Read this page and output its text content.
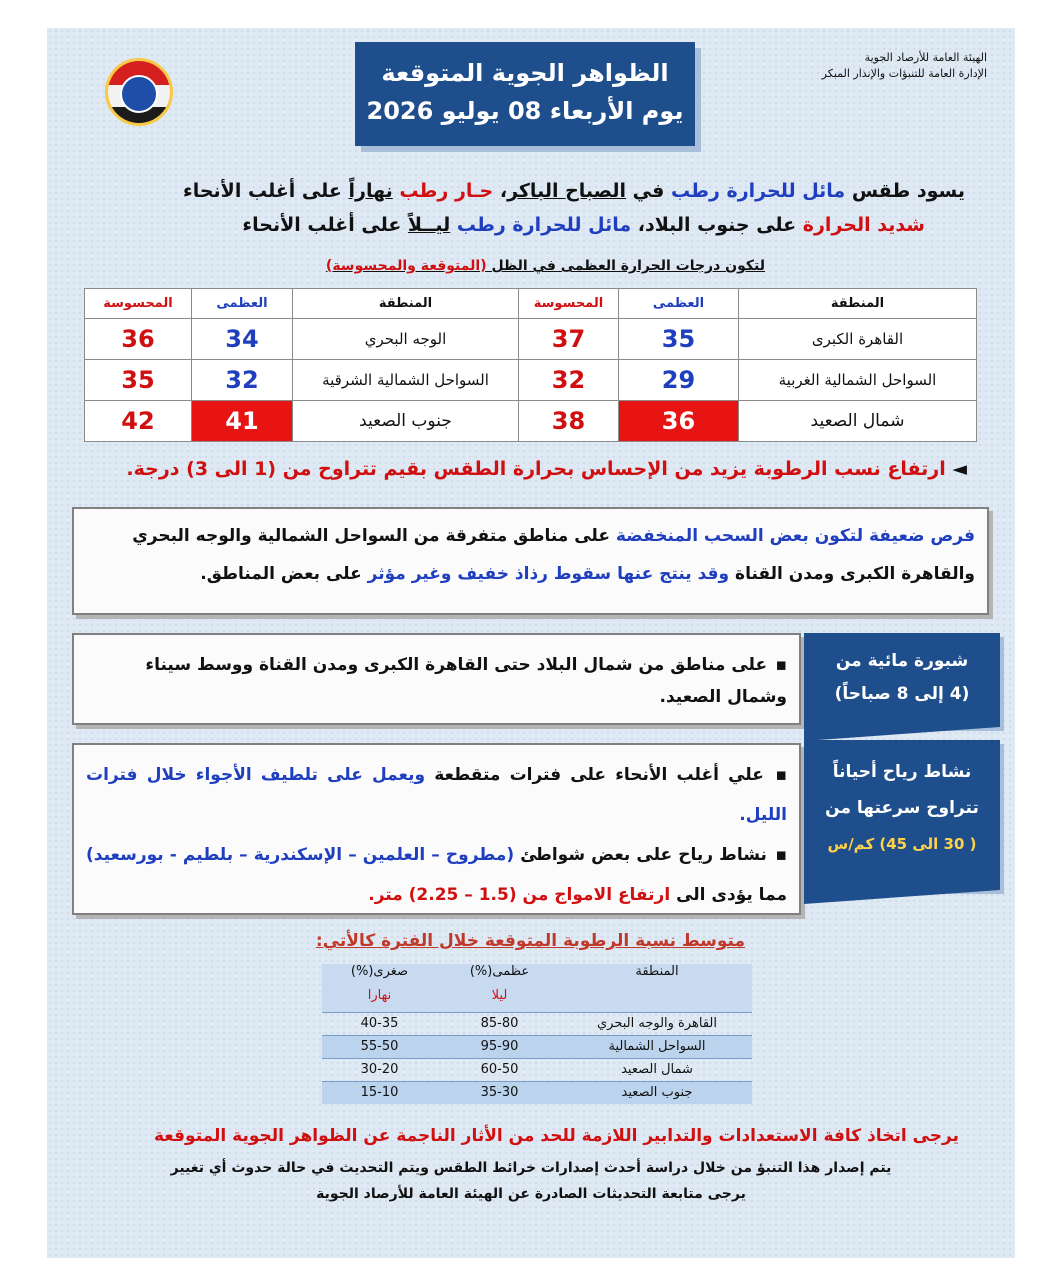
الهيئة العامة للأرصاد الجوية
الإدارة العامة للتنبؤات والإنذار المبكر
الظواهر الجوية المتوقعة
يوم الأربعاء 08 يوليو 2026
يسود طقس مائل للحرارة رطب في الصباح الباكر، حـار رطب نهاراً على أغلب الأنحاء
شديد الحرارة على جنوب البلاد، مائل للحرارة رطب ليــلاً على أغلب الأنحاء
لتكون درجات الحرارة العظمى في الظل (المتوقعة والمحسوسة)
المنطقة	العظمى	المحسوسة	المنطقة	العظمى	المحسوسة
القاهرة الكبرى	35	37	الوجه البحري	34	36
السواحل الشمالية الغربية	29	32	السواحل الشمالية الشرقية	32	35
شمال الصعيد	36	38	جنوب الصعيد	41	42
◄ ارتفاع نسب الرطوبة يزيد من الإحساس بحرارة الطقس بقيم تتراوح من (1 الى 3) درجة.
فرص ضعيفة لتكون بعض السحب المنخفضة على مناطق متفرقة من السواحل الشمالية والوجه البحري والقاهرة الكبرى ومدن القناة وقد ينتج عنها سقوط رذاذ خفيف وغير مؤثر على بعض المناطق.
▪ على مناطق من شمال البلاد حتى القاهرة الكبرى ومدن القناة ووسط سيناء وشمال الصعيد.
شبورة مائية من
(4 إلى 8 صباحاً)
▪ علي أغلب الأنحاء على فترات متقطعة ويعمل على تلطيف الأجواء خلال فترات الليل.
▪ نشاط رياح على بعض شواطئ (مطروح – العلمين – الإسكندرية – بلطيم - بورسعيد) مما يؤدى الى ارتفاع الامواج من (1.5 – 2.25) متر.
نشاط رياح أحياناً
تتراوح سرعتها من
( 30 الى 45) كم/س
متوسط نسبة الرطوبة المتوقعة خلال الفترة كالأتي:
المنطقة	عظمى(%)	صغرى(%)
	ليلا	نهارا
القاهرة والوجه البحري	85-80	40-35
السواحل الشمالية	95-90	55-50
شمال الصعيد	60-50	30-20
جنوب الصعيد	35-30	15-10
يرجى اتخاذ كافة الاستعدادات والتدابير اللازمة للحد من الأثار الناجمة عن الظواهر الجوية المتوقعة
يتم إصدار هذا التنبؤ من خلال دراسة أحدث إصدارات خرائط الطقس ويتم التحديث في حالة حدوث أي تغيير
يرجى متابعة التحديثات الصادرة عن الهيئة العامة للأرصاد الجوية
